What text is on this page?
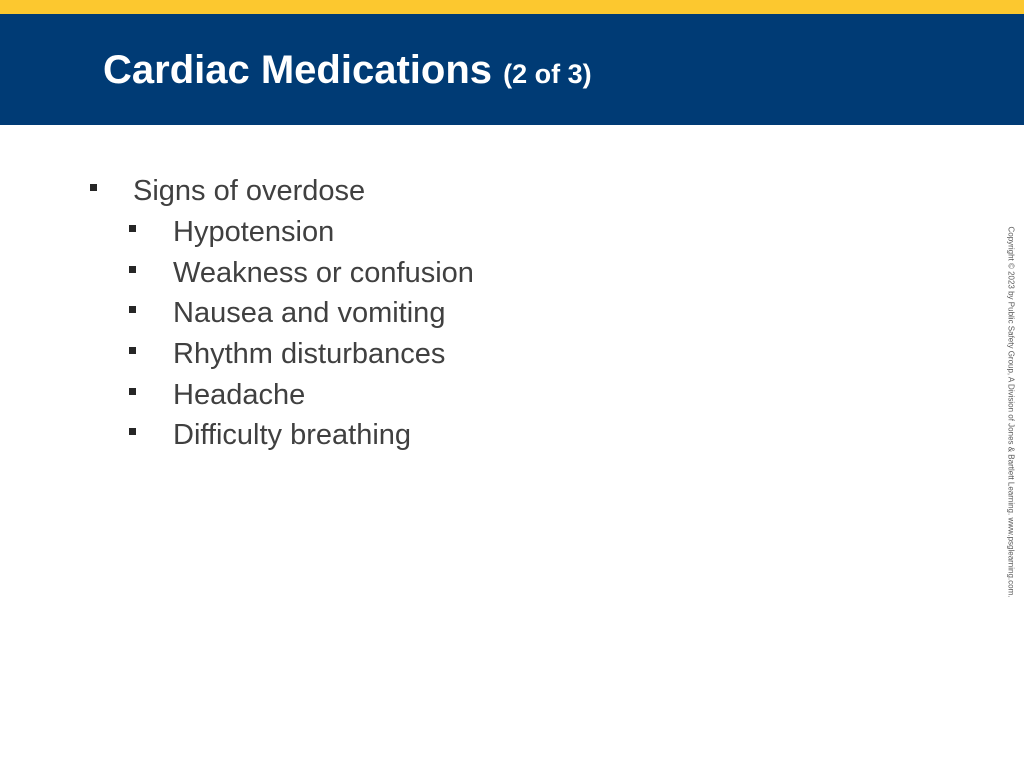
Cardiac Medications (2 of 3)
Signs of overdose
Hypotension
Weakness or confusion
Nausea and vomiting
Rhythm disturbances
Headache
Difficulty breathing	Copyright © 2023 by Public Safety Group, A Division of Jones & Bartlett Learning. www.psglearning.com.
